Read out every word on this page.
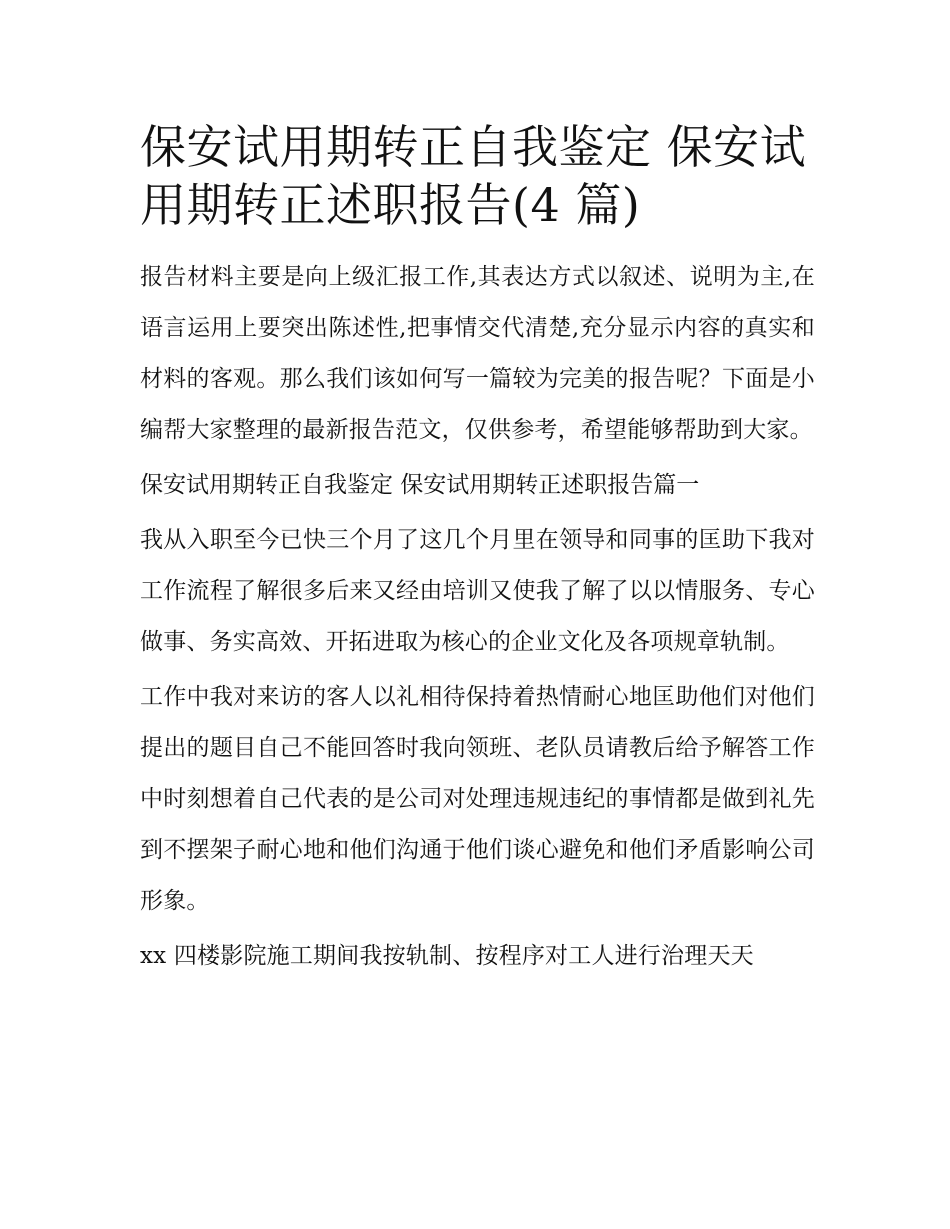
保安试用期转正自我鉴定 保安试用期转正述职报告(4 篇)

报告材料主要是向上级汇报工作,其表达方式以叙述、说明为主,在语言运用上要突出陈述性,把事情交代清楚,充分显示内容的真实和材料的客观。那么我们该如何写一篇较为完美的报告呢？下面是小编帮大家整理的最新报告范文，仅供参考，希望能够帮助到大家。

保安试用期转正自我鉴定 保安试用期转正述职报告篇一

我从入职至今已快三个月了这几个月里在领导和同事的匡助下我对工作流程了解很多后来又经由培训又使我了解了以以情服务、专心做事、务实高效、开拓进取为核心的企业文化及各项规章轨制。

工作中我对来访的客人以礼相待保持着热情耐心地匡助他们对他们提出的题目自己不能回答时我向领班、老队员请教后给予解答工作中时刻想着自己代表的是公司对处理违规违纪的事情都是做到礼先到不摆架子耐心地和他们沟通于他们谈心避免和他们矛盾影响公司形象。

xx 四楼影院施工期间我按轨制、按程序对工人进行治理天天
